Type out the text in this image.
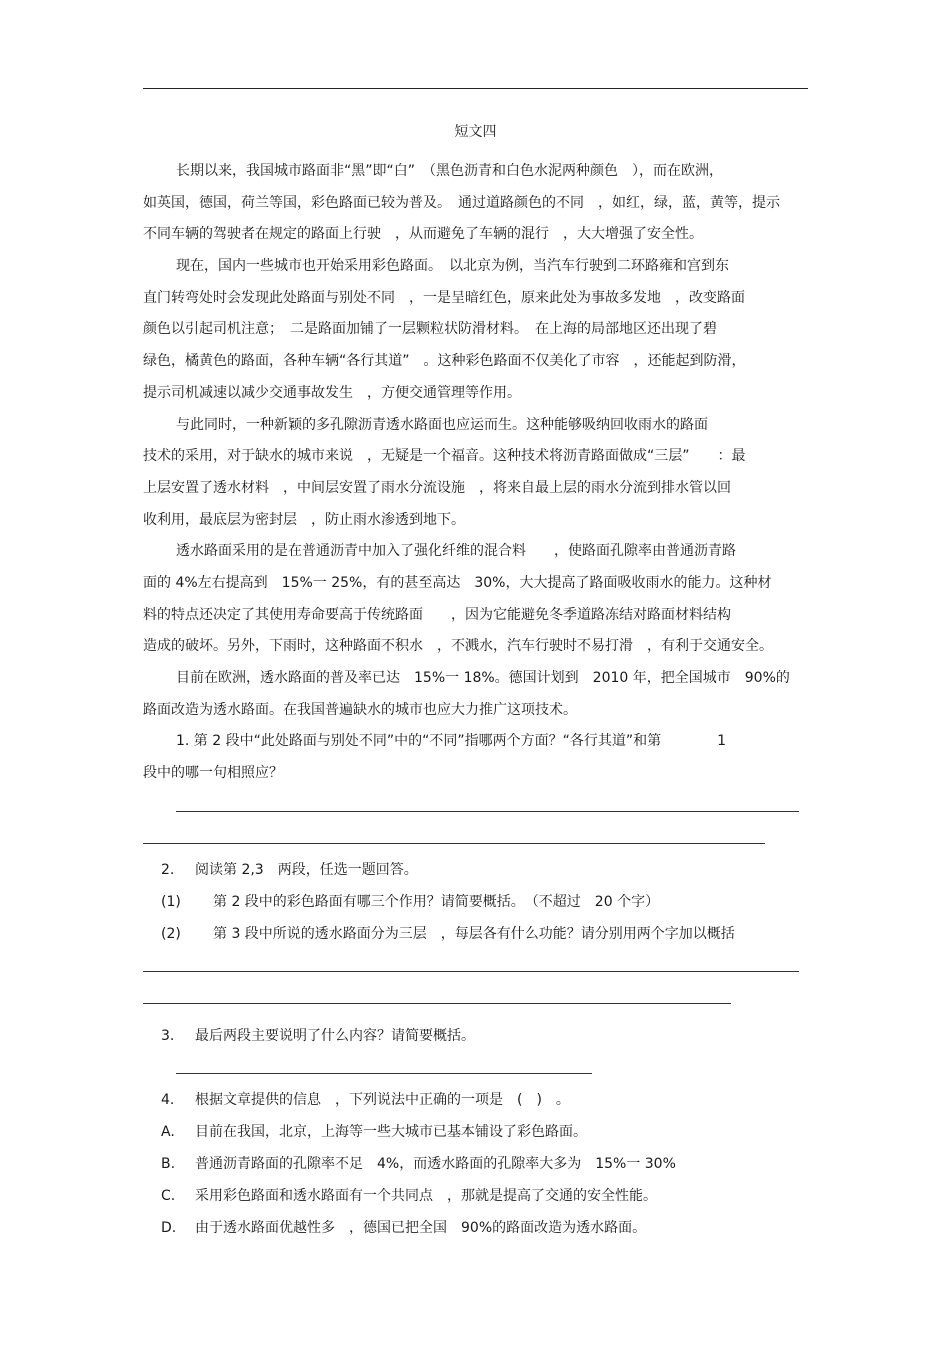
短文四
长期以来，我国城市路面非“黑”即“白”　（黑色沥青和白色水泥两种颜色　），而在欧洲，
如英国，德国，荷兰等国，彩色路面已较为普及。　通过道路颜色的不同　，如红，绿，蓝，黄等，提示
不同车辆的驾驶者在规定的路面上行驶　，从而避免了车辆的混行　，大大增强了安全性。
现在，国内一些城市也开始采用彩色路面。　以北京为例，当汽车行驶到二环路雍和宫到东
直门转弯处时会发现此处路面与别处不同　，一是呈暗红色，原来此处为事故多发地　，改变路面
颜色以引起司机注意；　二是路面加铺了一层颗粒状防滑材料。　在上海的局部地区还出现了碧
绿色，橘黄色的路面，各种车辆“各行其道”　。这种彩色路面不仅美化了市容　，还能起到防滑，
提示司机减速以减少交通事故发生　，方便交通管理等作用。
与此同时，一种新颖的多孔隙沥青透水路面也应运而生。这种能够吸纳回收雨水的路面
技术的采用，对于缺水的城市来说　，无疑是一个福音。这种技术将沥青路面做成“三层”　　：最
上层安置了透水材料　，中间层安置了雨水分流设施　，将来自最上层的雨水分流到排水管以回
收利用，最底层为密封层　，防止雨水渗透到地下。
透水路面采用的是在普通沥青中加入了强化纤维的混合料　　，使路面孔隙率由普通沥青路
面的 4%左右提高到　15%一 25%，有的甚至高达　30%，大大提高了路面吸收雨水的能力。这种材
料的特点还决定了其使用寿命要高于传统路面　　，因为它能避免冬季道路冻结对路面材料结构
造成的破坏。另外，下雨时，这种路面不积水　，不溅水，汽车行驶时不易打滑　，有利于交通安全。
目前在欧洲，透水路面的普及率已达　15%一 18%。德国计划到　2010 年，把全国城市　90%的
路面改造为透水路面。在我国普遍缺水的城市也应大力推广这项技术。
1. 第 2 段中“此处路面与别处不同”中的“不同”指哪两个方面？“各行其道”和第　　　　1
段中的哪一句相照应？
2. 阅读第 2,3　两段，任选一题回答。
(1) 第 2 段中的彩色路面有哪三个作用？请简要概括。　（不超过　20 个字）
(2) 第 3 段中所说的透水路面分为三层　，每层各有什么功能？请分别用两个字加以概括
3. 最后两段主要说明了什么内容？请简要概括。
4. 根据文章提供的信息　，下列说法中正确的一项是　(　)　。
A. 目前在我国，北京，上海等一些大城市已基本铺设了彩色路面。
B. 普通沥青路面的孔隙率不足　4%，而透水路面的孔隙率大多为　15%一 30%
C. 采用彩色路面和透水路面有一个共同点　，那就是提高了交通的安全性能。
D. 由于透水路面优越性多　，德国已把全国　90%的路面改造为透水路面。
